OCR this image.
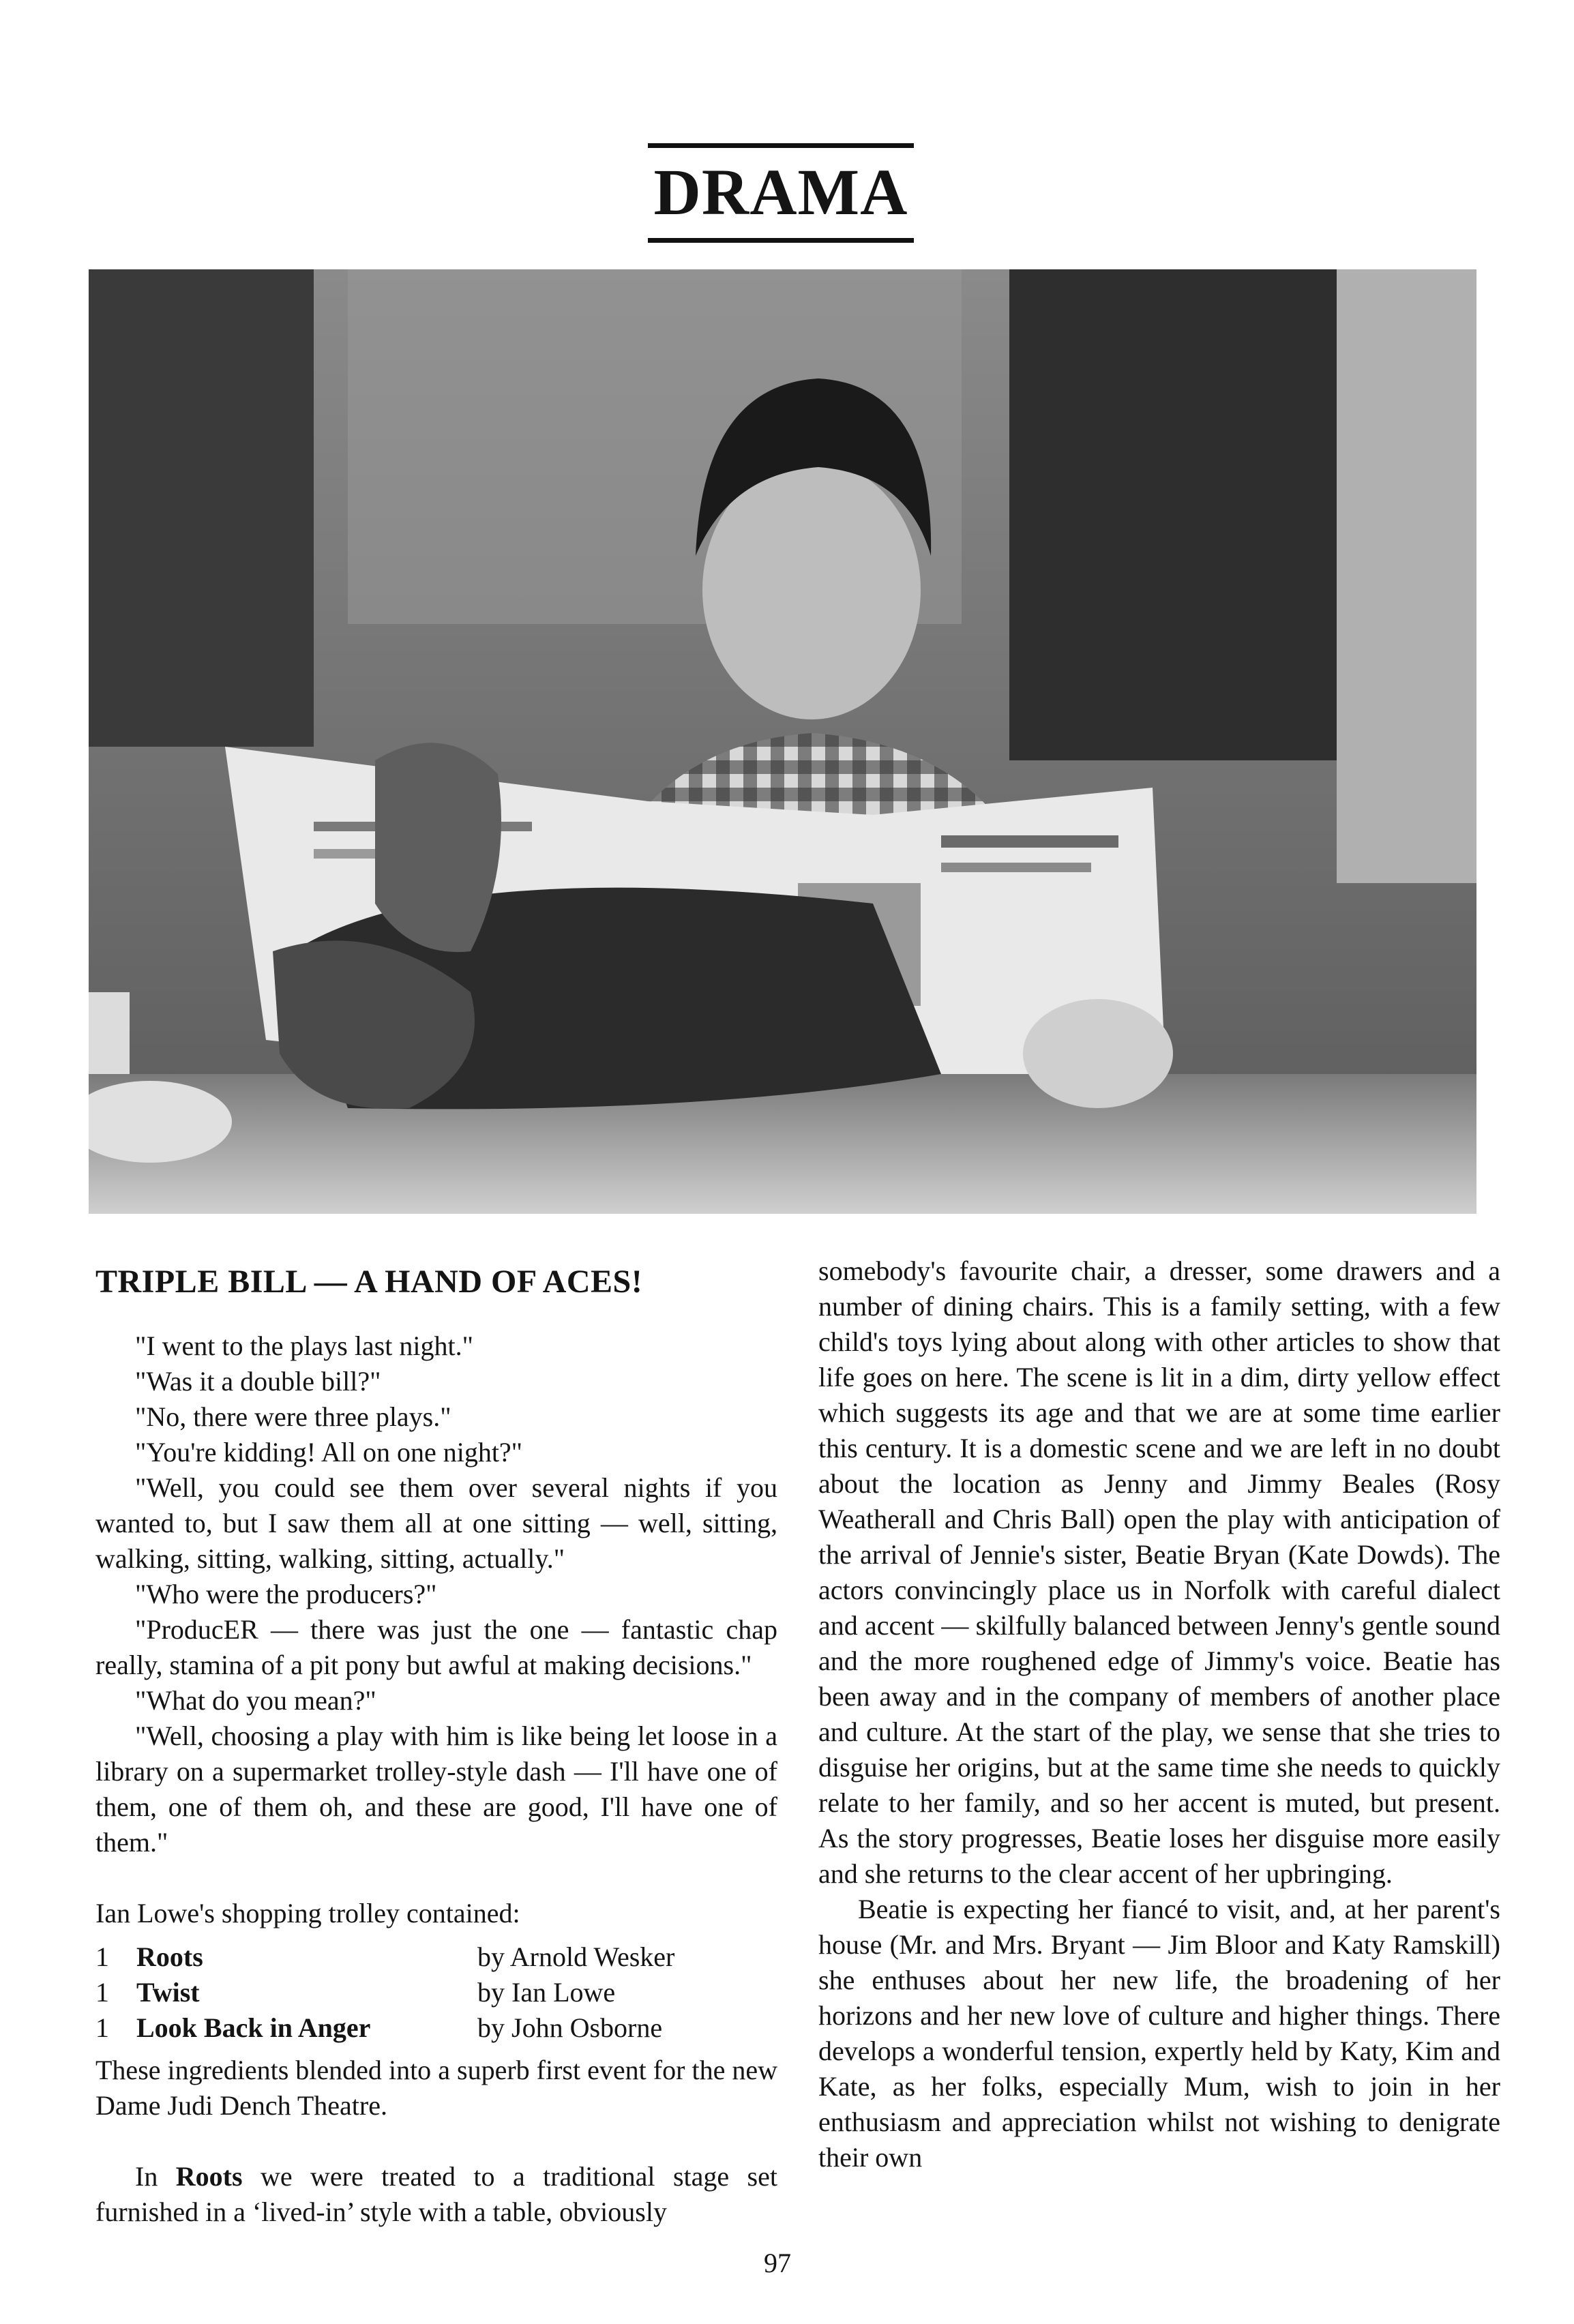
DRAMA
TRIPLE BILL — A HAND OF ACES!

"I went to the plays last night."

"Was it a double bill?"

"No, there were three plays."

"You're kidding! All on one night?"

"Well, you could see them over several nights if you wanted to, but I saw them all at one sitting — well, sitting, walking, sitting, walking, sitting, actually."

"Who were the producers?"

"ProducER — there was just the one — fantastic chap really, stamina of a pit pony but awful at making decisions."

"What do you mean?"

"Well, choosing a play with him is like being let loose in a library on a supermarket trolley-style dash — I'll have one of them, one of them oh, and these are good, I'll have one of them."

Ian Lowe's shopping trolley contained:

1	Roots	by Arnold Wesker
1	Twist	by Ian Lowe
1	Look Back in Anger	by John Osborne

These ingredients blended into a superb first event for the new Dame Judi Dench Theatre.

In Roots we were treated to a traditional stage set furnished in a ‘lived-in’ style with a table, obviously

somebody's favourite chair, a dresser, some drawers and a number of dining chairs. This is a family setting, with a few child's toys lying about along with other articles to show that life goes on here. The scene is lit in a dim, dirty yellow effect which suggests its age and that we are at some time earlier this century. It is a domestic scene and we are left in no doubt about the location as Jenny and Jimmy Beales (Rosy Weatherall and Chris Ball) open the play with anticipation of the arrival of Jennie's sister, Beatie Bryan (Kate Dowds). The actors convincingly place us in Norfolk with careful dialect and accent — skilfully balanced between Jenny's gentle sound and the more roughened edge of Jimmy's voice. Beatie has been away and in the company of members of another place and culture. At the start of the play, we sense that she tries to disguise her origins, but at the same time she needs to quickly relate to her family, and so her accent is muted, but present. As the story progresses, Beatie loses her disguise more easily and she returns to the clear accent of her upbringing.

Beatie is expecting her fiancé to visit, and, at her parent's house (Mr. and Mrs. Bryant — Jim Bloor and Katy Ramskill) she enthuses about her new life, the broadening of her horizons and her new love of culture and higher things. There develops a wonderful tension, expertly held by Katy, Kim and Kate, as her folks, especially Mum, wish to join in her enthusiasm and appreciation whilst not wishing to denigrate their own

97
